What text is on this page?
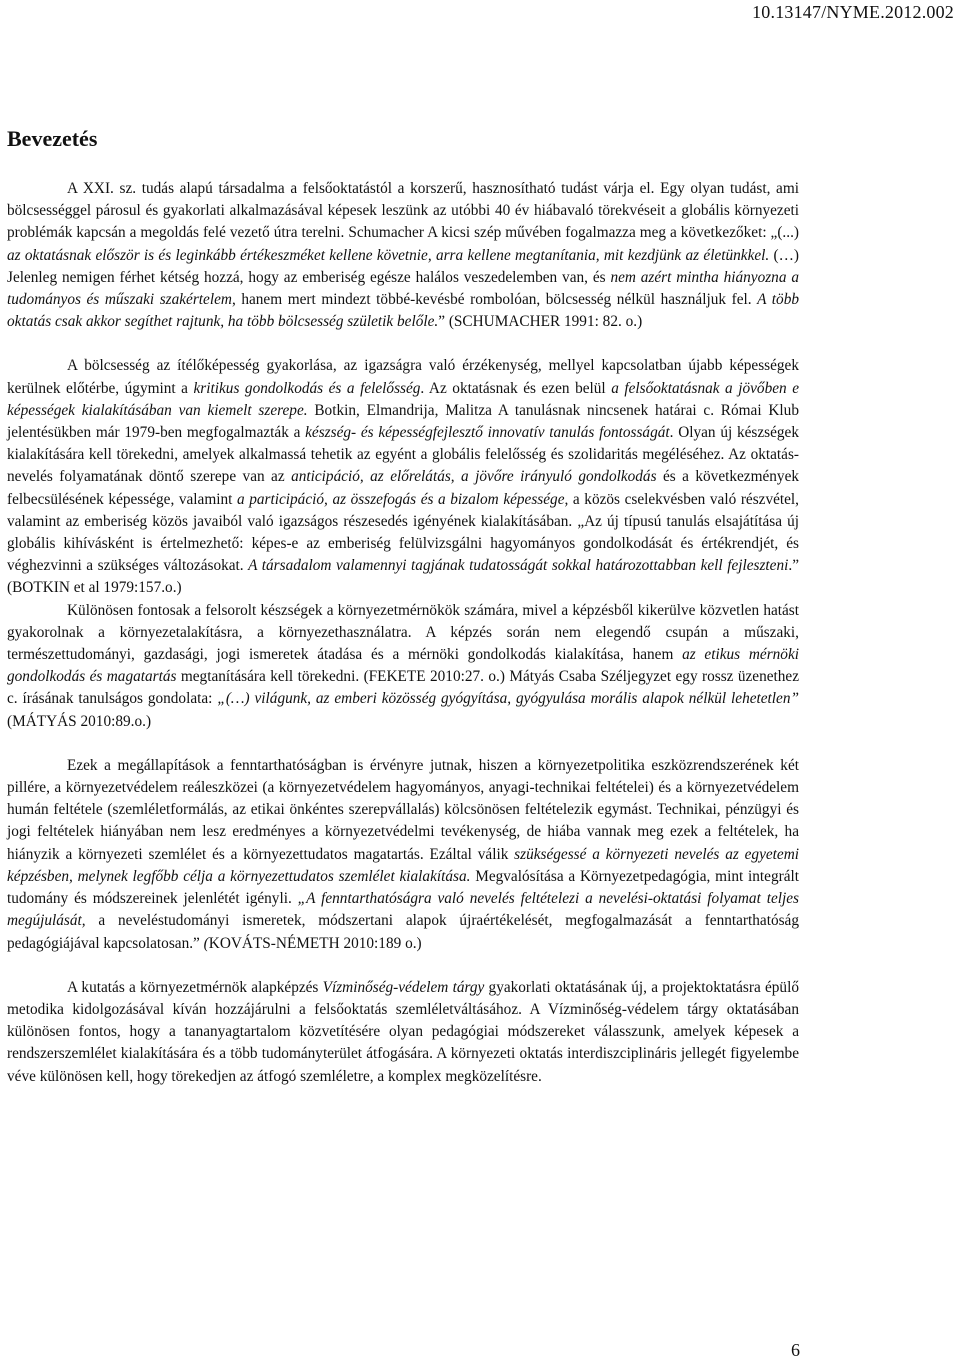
10.13147/NYME.2012.002
Bevezetés

A XXI. sz. tudás alapú társadalma a felsőoktatástól a korszerű, hasznosítható tudást várja el. Egy olyan tudást, ami bölcsességgel párosul és gyakorlati alkalmazásával képesek leszünk az utóbbi 40 év hiábavaló törekvéseit a globális környezeti problémák kapcsán a megoldás felé vezető útra terelni. Schumacher A kicsi szép művében fogalmazza meg a következőket: „(...) az oktatásnak először is és leginkább értékeszméket kellene követnie, arra kellene megtanítania, mit kezdjünk az életünkkel. (…) Jelenleg nemigen férhet kétség hozzá, hogy az emberiség egésze halálos veszedelemben van, és nem azért mintha hiányozna a tudományos és műszaki szakértelem, hanem mert mindezt többé-kevésbé rombolóan, bölcsesség nélkül használjuk fel. A több oktatás csak akkor segíthet rajtunk, ha több bölcsesség születik belőle.” (SCHUMACHER 1991: 82. o.)

A bölcsesség az ítélőképesség gyakorlása, az igazságra való érzékenység, mellyel kapcsolatban újabb képességek kerülnek előtérbe, úgymint a kritikus gondolkodás és a felelősség. Az oktatásnak és ezen belül a felsőoktatásnak a jövőben e képességek kialakításában van kiemelt szerepe. Botkin, Elmandrija, Malitza A tanulásnak nincsenek határai c. Római Klub jelentésükben már 1979-ben megfogalmazták a készség- és képességfejlesztő innovatív tanulás fontosságát. Olyan új készségek kialakítására kell törekedni, amelyek alkalmassá tehetik az egyént a globális felelősség és szolidaritás megéléséhez. Az oktatás-nevelés folyamatának döntő szerepe van az anticipáció, az előrelátás, a jövőre irányuló gondolkodás és a következmények felbecsülésének képessége, valamint a participáció, az összefogás és a bizalom képessége, a közös cselekvésben való részvétel, valamint az emberiség közös javaiból való igazságos részesedés igényének kialakításában. „Az új típusú tanulás elsajátítása új globális kihívásként is értelmezhető: képes-e az emberiség felülvizsgálni hagyományos gondolkodását és értékrendjét, és véghezvinni a szükséges változásokat. A társadalom valamennyi tagjának tudatosságát sokkal határozottabban kell fejleszteni.” (BOTKIN et al 1979:157.o.)

Különösen fontosak a felsorolt készségek a környezetmérnökök számára, mivel a képzésből kikerülve közvetlen hatást gyakorolnak a környezetalakításra, a környezethasználatra. A képzés során nem elegendő csupán a műszaki, természettudományi, gazdasági, jogi ismeretek átadása és a mérnöki gondolkodás kialakítása, hanem az etikus mérnöki gondolkodás és magatartás megtanítására kell törekedni. (FEKETE 2010:27. o.) Mátyás Csaba Széljegyzet egy rossz üzenethez c. írásának tanulságos gondolata: „(…) világunk, az emberi közösség gyógyítása, gyógyulása morális alapok nélkül lehetetlen” (MÁTYÁS 2010:89.o.)

Ezek a megállapítások a fenntarthatóságban is érvényre jutnak, hiszen a környezetpolitika eszközrendszerének két pillére, a környezetvédelem reáleszközei (a környezetvédelem hagyományos, anyagi-technikai feltételei) és a környezetvédelem humán feltétele (szemléletformálás, az etikai önkéntes szerepvállalás) kölcsönösen feltételezik egymást. Technikai, pénzügyi és jogi feltételek hiányában nem lesz eredményes a környezetvédelmi tevékenység, de hiába vannak meg ezek a feltételek, ha hiányzik a környezeti szemlélet és a környezettudatos magatartás. Ezáltal válik szükségessé a környezeti nevelés az egyetemi képzésben, melynek legfőbb célja a környezettudatos szemlélet kialakítása. Megvalósítása a Környezetpedagógia, mint integrált tudomány és módszereinek jelenlétét igényli. „A fenntarthatóságra való nevelés feltételezi a nevelési-oktatási folyamat teljes megújulását, a neveléstudományi ismeretek, módszertani alapok újraértékelését, megfogalmazását a fenntarthatóság pedagógiájával kapcsolatosan.” (KOVÁTS-NÉMETH 2010:189 o.)

A kutatás a környezetmérnök alapképzés Vízminőség-védelem tárgy gyakorlati oktatásának új, a projektoktatásra épülő metodika kidolgozásával kíván hozzájárulni a felsőoktatás szemléletváltásához. A Vízminőség-védelem tárgy oktatásában különösen fontos, hogy a tananyagtartalom közvetítésére olyan pedagógiai módszereket válasszunk, amelyek képesek a rendszerszemlélet kialakítására és a több tudományterület átfogására. A környezeti oktatás interdiszciplináris jellegét figyelembe véve különösen kell, hogy törekedjen az átfogó szemléletre, a komplex megközelítésre.

6
